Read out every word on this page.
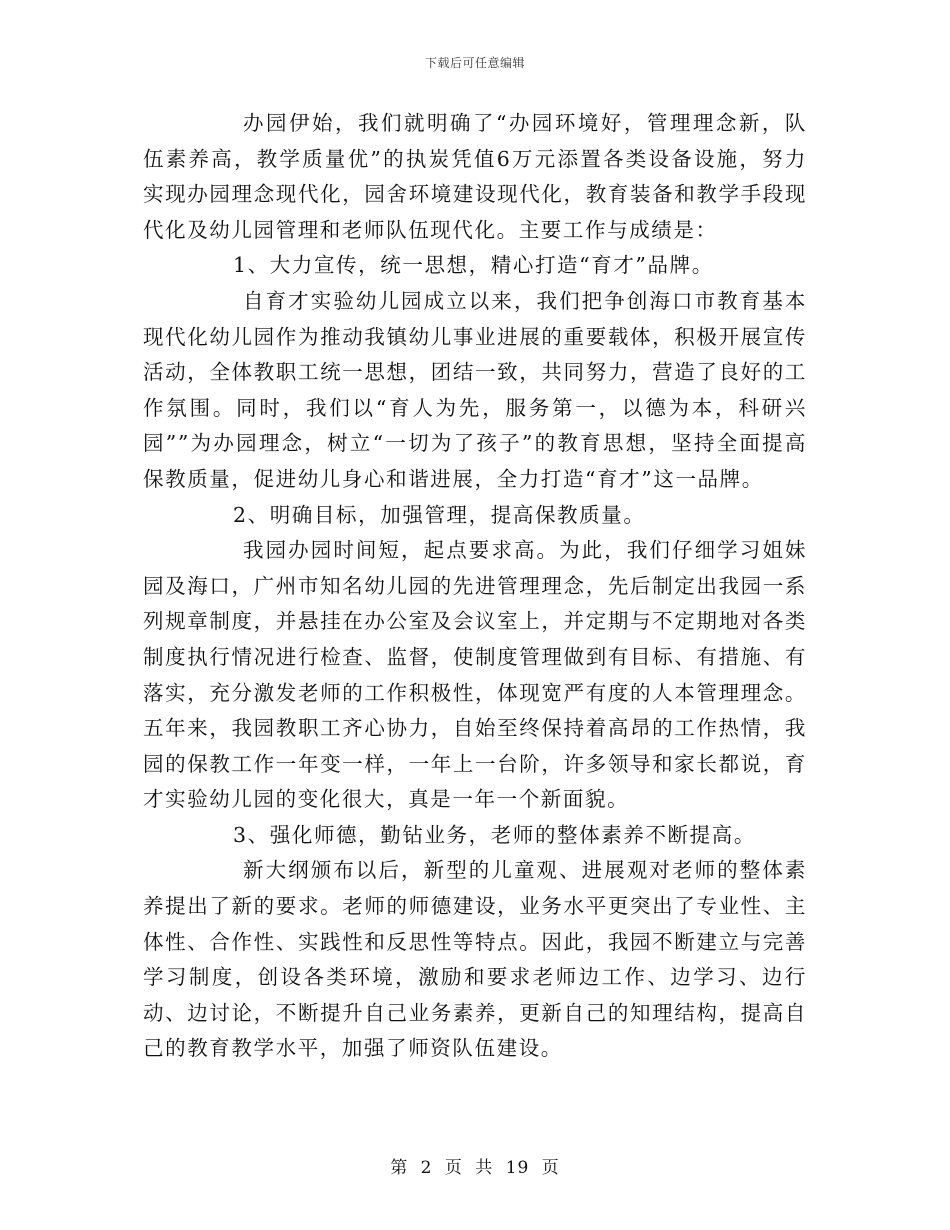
下载后可任意编辑

办园伊始，我们就明确了“办园环境好，管理理念新，队伍素养高，教学质量优”的执炭凭值6万元添置各类设备设施，努力实现办园理念现代化，园舍环境建设现代化，教育装备和教学手段现代化及幼儿园管理和老师队伍现代化。主要工作与成绩是：

1、大力宣传，统一思想，精心打造“育才”品牌。

自育才实验幼儿园成立以来，我们把争创海口市教育基本现代化幼儿园作为推动我镇幼儿事业进展的重要载体，积极开展宣传活动，全体教职工统一思想，团结一致，共同努力，营造了良好的工作氛围。同时，我们以“育人为先，服务第一，以德为本，科研兴园””为办园理念，树立“一切为了孩子”的教育思想，坚持全面提高保教质量，促进幼儿身心和谐进展，全力打造“育才”这一品牌。

2、明确目标，加强管理，提高保教质量。

我园办园时间短，起点要求高。为此，我们仔细学习姐妹园及海口，广州市知名幼儿园的先进管理理念，先后制定出我园一系列规章制度，并悬挂在办公室及会议室上，并定期与不定期地对各类制度执行情况进行检查、监督，使制度管理做到有目标、有措施、有落实，充分激发老师的工作积极性，体现宽严有度的人本管理理念。五年来，我园教职工齐心协力，自始至终保持着高昂的工作热情，我园的保教工作一年变一样，一年上一台阶，许多领导和家长都说，育才实验幼儿园的变化很大，真是一年一个新面貌。

3、强化师德，勤钻业务，老师的整体素养不断提高。

新大纲颁布以后，新型的儿童观、进展观对老师的整体素养提出了新的要求。老师的师德建设，业务水平更突出了专业性、主体性、合作性、实践性和反思性等特点。因此，我园不断建立与完善学习制度，创设各类环境，激励和要求老师边工作、边学习、边行动、边讨论，不断提升自己业务素养，更新自己的知理结构，提高自己的教育教学水平，加强了师资队伍建设。

第 2 页 共 19 页
